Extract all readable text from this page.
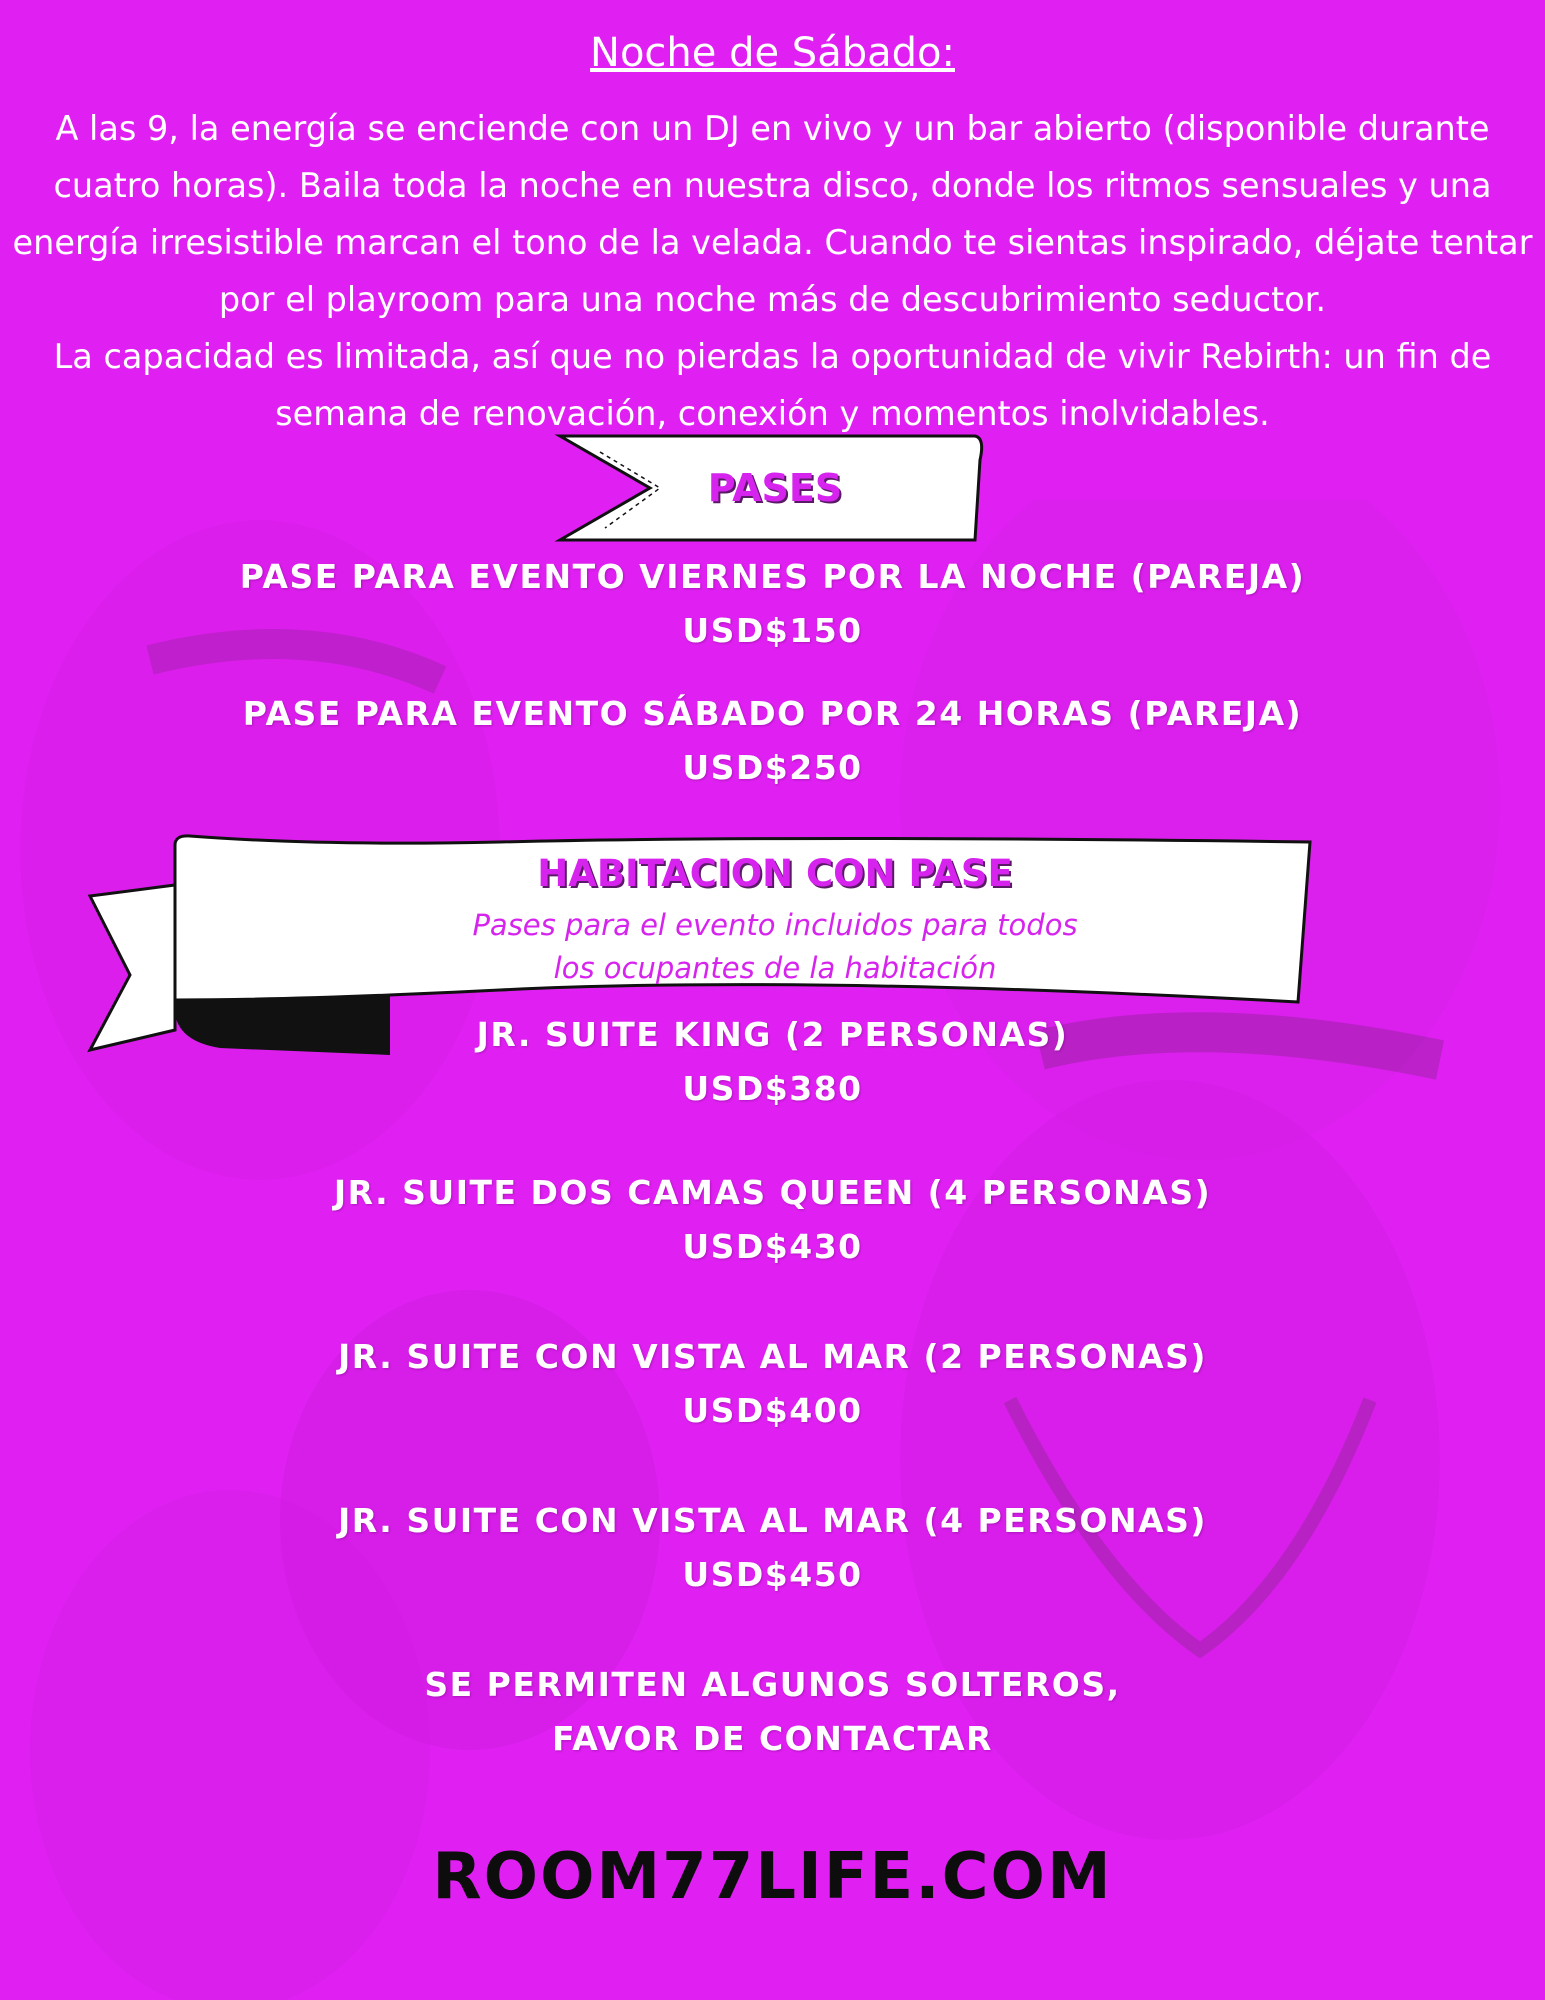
Noche de Sábado:

A las 9, la energía se enciende con un DJ en vivo y un bar abierto (disponible durante cuatro horas). Baila toda la noche en nuestra disco, donde los ritmos sensuales y una energía irresistible marcan el tono de la velada. Cuando te sientas inspirado, déjate tentar por el playroom para una noche más de descubrimiento seductor.

La capacidad es limitada, así que no pierdas la oportunidad de vivir Rebirth: un fin de semana de renovación, conexión y momentos inolvidables.

PASES
PASE PARA EVENTO VIERNES POR LA NOCHE (PAREJA)
USD$150
PASE PARA EVENTO SÁBADO POR 24 HORAS (PAREJA)
USD$250
HABITACION CON PASE
Pases para el evento incluidos para todos
los ocupantes de la habitación
JR. SUITE KING (2 PERSONAS)
USD$380
JR. SUITE DOS CAMAS QUEEN (4 PERSONAS)
USD$430
JR. SUITE CON VISTA AL MAR (2 PERSONAS)
USD$400
JR. SUITE CON VISTA AL MAR (4 PERSONAS)
USD$450
SE PERMITEN ALGUNOS SOLTEROS,
FAVOR DE CONTACTAR
ROOM77LIFE.COM
